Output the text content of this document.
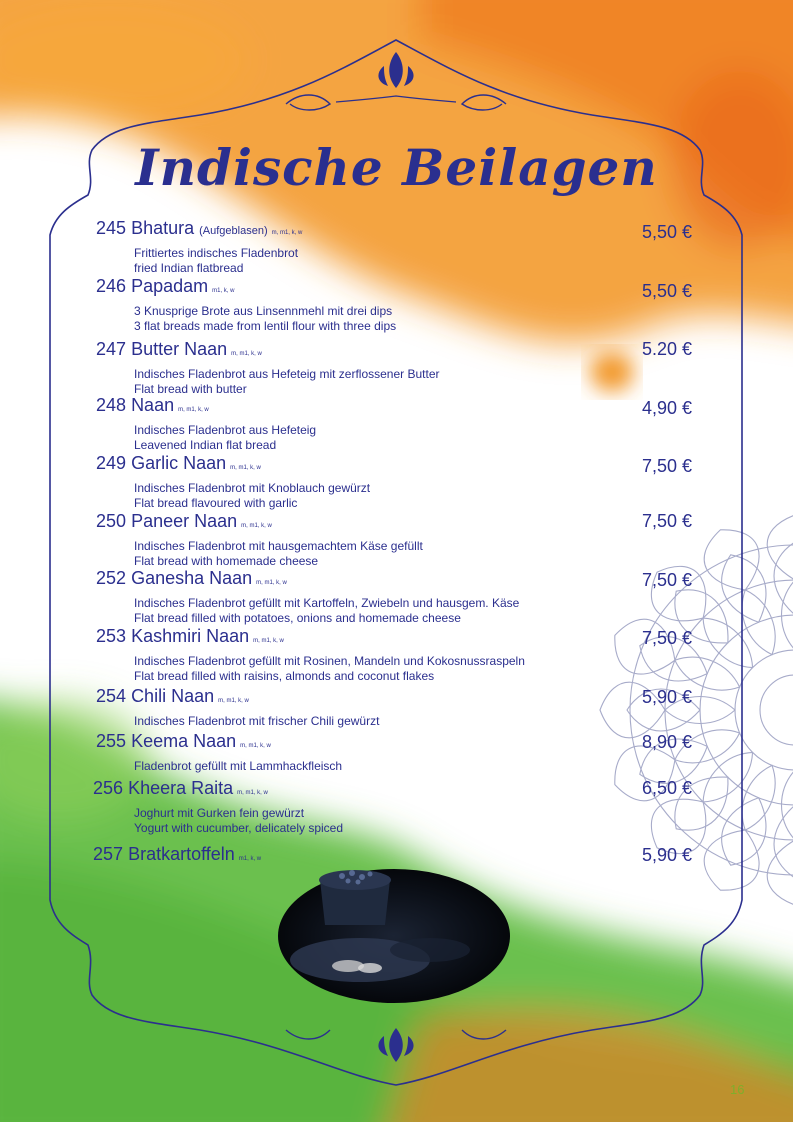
Indische Beilagen
245 Bhatura (Aufgeblasen) m, m1, k, w
Frittiertes indisches Fladenbrot
fried Indian flatbread
5,50 €
246 Papadam m1, k, w
3 Knusprige Brote aus Linsennmehl mit drei dips
3 flat breads made from lentil flour with three dips
5,50 €
247 Butter Naan m, m1, k, w
Indisches Fladenbrot aus Hefeteig mit zerflossener Butter
Flat bread with butter
5.20 €
248 Naan m, m1, k, w
Indisches Fladenbrot aus Hefeteig
Leavened Indian flat bread
4,90 €
249 Garlic Naan m, m1, k, w
Indisches Fladenbrot mit Knoblauch gewürzt
Flat bread flavoured with garlic
7,50 €
250 Paneer Naan m, m1, k, w
Indisches Fladenbrot mit hausgemachtem Käse gefüllt
Flat bread with homemade cheese
7,50 €
252 Ganesha Naan m, m1, k, w
Indisches Fladenbrot gefüllt mit Kartoffeln, Zwiebeln und hausgem. Käse
Flat bread filled with potatoes, onions and homemade cheese
7,50 €
253 Kashmiri Naan m, m1, k, w
Indisches Fladenbrot gefüllt mit Rosinen, Mandeln und Kokosnussraspeln
Flat bread filled with raisins, almonds and coconut flakes
7,50 €
254 Chili Naan m, m1, k, w
Indisches Fladenbrot mit frischer Chili gewürzt
5,90 €
255 Keema Naan m, m1, k, w
Fladenbrot gefüllt mit Lammhackfleisch
8,90 €
256 Kheera Raita m, m1, k, w
Joghurt mit Gurken fein gewürzt
Yogurt with cucumber, delicately spiced
6,50 €
257 Bratkartoffeln m1, k, w	5,90 €
16
